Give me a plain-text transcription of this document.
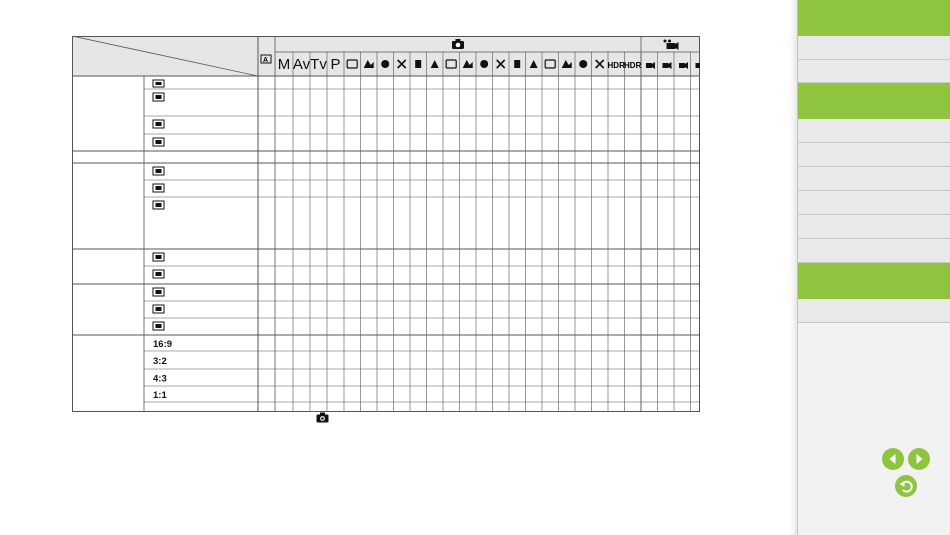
A M Av Tv P	HDR HDR
16:9
3:2
4:3
1:1
